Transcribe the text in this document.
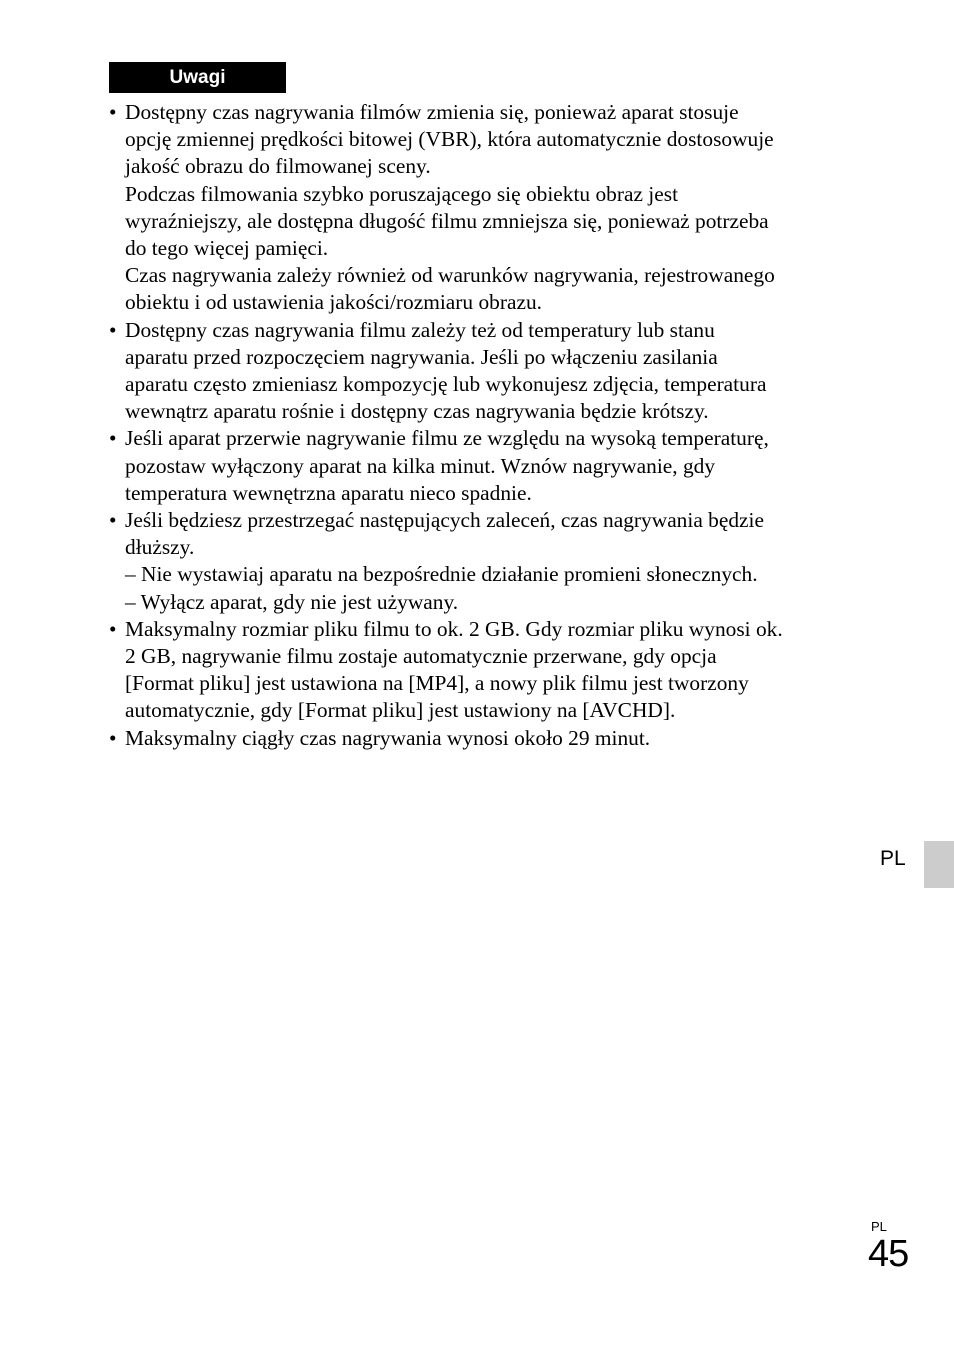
Uwagi
• Dostępny czas nagrywania filmów zmienia się, ponieważ aparat stosuje
opcję zmiennej prędkości bitowej (VBR), która automatycznie dostosowuje
jakość obrazu do filmowanej sceny.
Podczas filmowania szybko poruszającego się obiektu obraz jest
wyraźniejszy, ale dostępna długość filmu zmniejsza się, ponieważ potrzeba
do tego więcej pamięci.
Czas nagrywania zależy również od warunków nagrywania, rejestrowanego
obiektu i od ustawienia jakości/rozmiaru obrazu.
• Dostępny czas nagrywania filmu zależy też od temperatury lub stanu
aparatu przed rozpoczęciem nagrywania. Jeśli po włączeniu zasilania
aparatu często zmieniasz kompozycję lub wykonujesz zdjęcia, temperatura
wewnątrz aparatu rośnie i dostępny czas nagrywania będzie krótszy.
• Jeśli aparat przerwie nagrywanie filmu ze względu na wysoką temperaturę,
pozostaw wyłączony aparat na kilka minut. Wznów nagrywanie, gdy
temperatura wewnętrzna aparatu nieco spadnie.
• Jeśli będziesz przestrzegać następujących zaleceń, czas nagrywania będzie
dłuższy.
– Nie wystawiaj aparatu na bezpośrednie działanie promieni słonecznych.
– Wyłącz aparat, gdy nie jest używany.
• Maksymalny rozmiar pliku filmu to ok. 2 GB. Gdy rozmiar pliku wynosi ok.
2 GB, nagrywanie filmu zostaje automatycznie przerwane, gdy opcja
[Format pliku] jest ustawiona na [MP4], a nowy plik filmu jest tworzony
automatycznie, gdy [Format pliku] jest ustawiony na [AVCHD].
• Maksymalny ciągły czas nagrywania wynosi około 29 minut.
PL
PL
45
